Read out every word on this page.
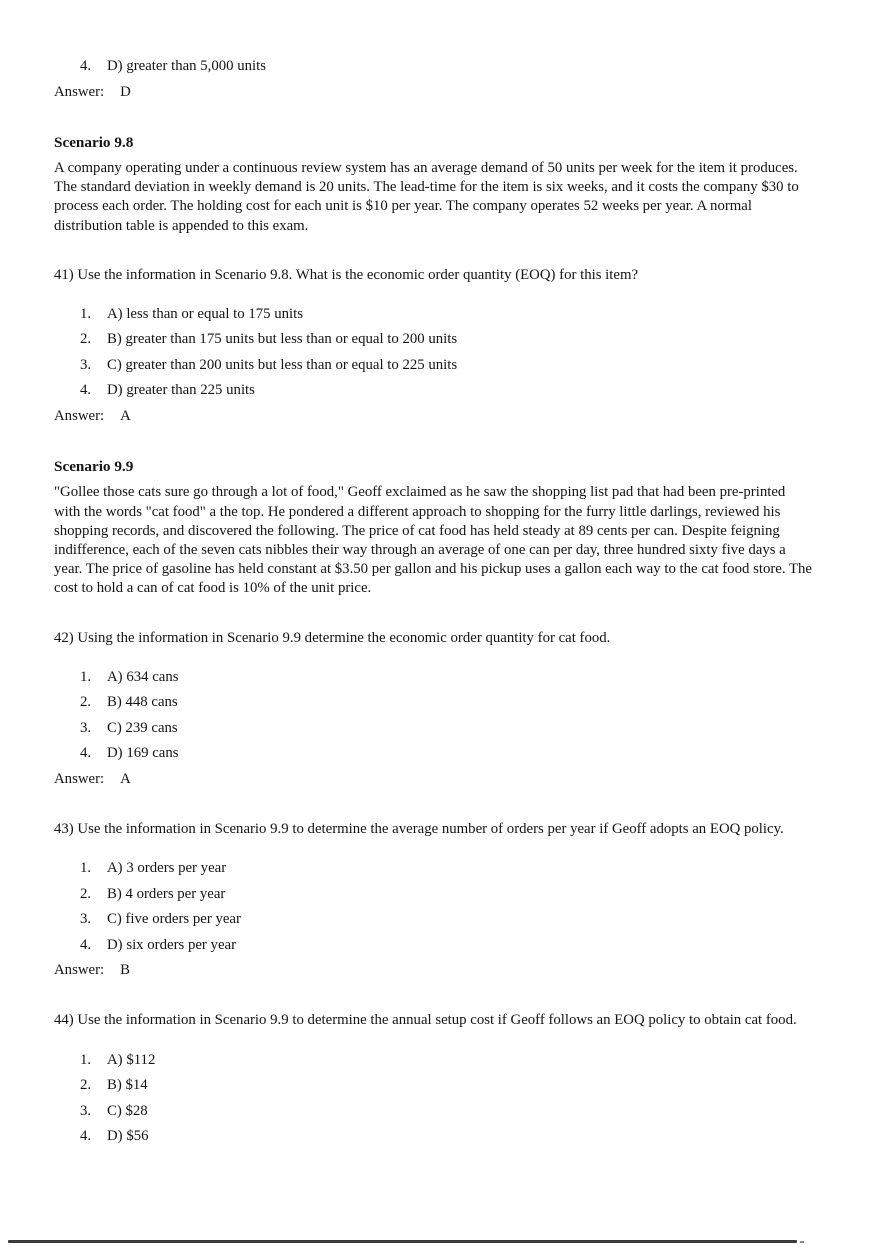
4.	D) greater than 5,000 units
Answer: D
Scenario 9.8
A company operating under a continuous review system has an average demand of 50 units per week for the item it produces. The standard deviation in weekly demand is 20 units. The lead-time for the item is six weeks, and it costs the company $30 to process each order. The holding cost for each unit is $10 per year. The company operates 52 weeks per year. A normal distribution table is appended to this exam.
41) Use the information in Scenario 9.8. What is the economic order quantity (EOQ) for this item?
1.	A) less than or equal to 175 units
2.	B) greater than 175 units but less than or equal to 200 units
3.	C) greater than 200 units but less than or equal to 225 units
4.	D) greater than 225 units
Answer: A
Scenario 9.9
"Gollee those cats sure go through a lot of food," Geoff exclaimed as he saw the shopping list pad that had been pre-printed with the words "cat food" a the top. He pondered a different approach to shopping for the furry little darlings, reviewed his shopping records, and discovered the following. The price of cat food has held steady at 89 cents per can. Despite feigning indifference, each of the seven cats nibbles their way through an average of one can per day, three hundred sixty five days a year. The price of gasoline has held constant at $3.50 per gallon and his pickup uses a gallon each way to the cat food store. The cost to hold a can of cat food is 10% of the unit price.
42) Using the information in Scenario 9.9 determine the economic order quantity for cat food.
1.	A) 634 cans
2.	B) 448 cans
3.	C) 239 cans
4.	D) 169 cans
Answer: A
43) Use the information in Scenario 9.9 to determine the average number of orders per year if Geoff adopts an EOQ policy.
1.	A) 3 orders per year
2.	B) 4 orders per year
3.	C) five orders per year
4.	D) six orders per year
Answer: B
44) Use the information in Scenario 9.9 to determine the annual setup cost if Geoff follows an EOQ policy to obtain cat food.
1.	A) $112
2.	B) $14
3.	C) $28
4.	D) $56
